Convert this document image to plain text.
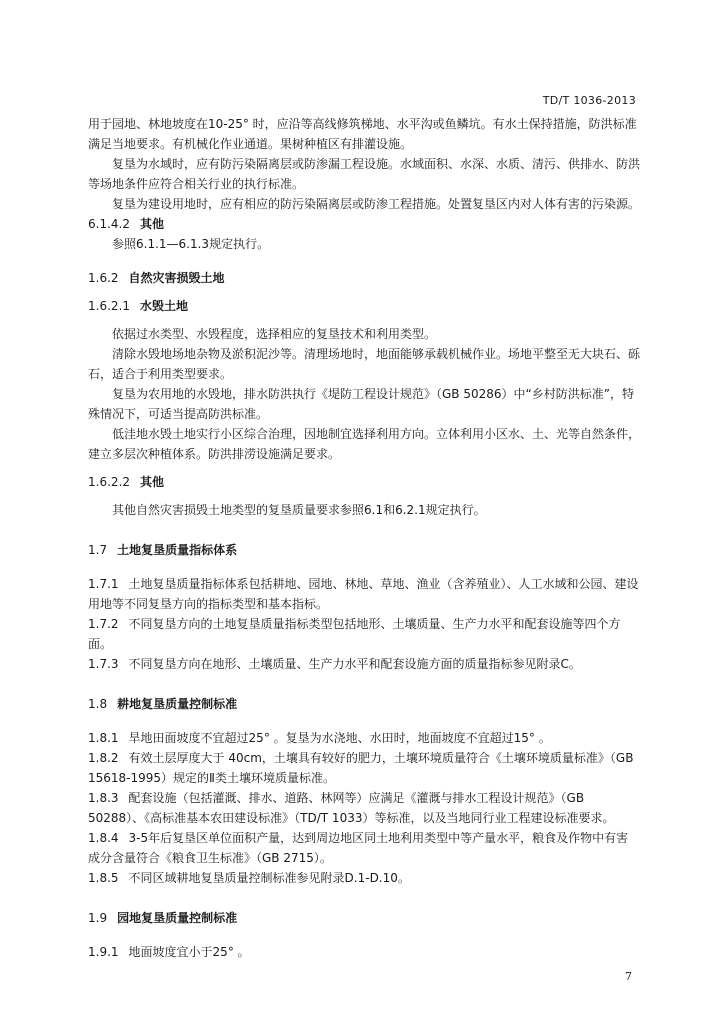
TD/T 1036-2013

用于园地、林地坡度在10-25° 时，应沿等高线修筑梯地、水平沟或鱼鳞坑。有水土保持措施，防洪标准满足当地要求。有机械化作业通道。果树种植区有排灌设施。

复垦为水域时，应有防污染隔离层或防渗漏工程设施。水域面积、水深、水质、清污、供排水、防洪等场地条件应符合相关行业的执行标准。

复垦为建设用地时，应有相应的防污染隔离层或防渗工程措施。处置复垦区内对人体有害的污染源。

6.1.4.2 其他

参照6.1.1—6.1.3规定执行。

1.6.2 自然灾害损毁土地

1.6.2.1 水毁土地

依据过水类型、水毁程度，选择相应的复垦技术和利用类型。

清除水毁地场地杂物及淤积泥沙等。清理场地时，地面能够承载机械作业。场地平整至无大块石、砾石，适合于利用类型要求。

复垦为农用地的水毁地，排水防洪执行《堤防工程设计规范》（GB 50286）中“乡村防洪标准”，特殊情况下，可适当提高防洪标准。

低洼地水毁土地实行小区综合治理，因地制宜选择利用方向。立体利用小区水、土、光等自然条件，建立多层次种植体系。防洪排涝设施满足要求。

1.6.2.2 其他

其他自然灾害损毁土地类型的复垦质量要求参照6.1和6.2.1规定执行。

1.7 土地复垦质量指标体系

1.7.1 土地复垦质量指标体系包括耕地、园地、林地、草地、渔业（含养殖业）、人工水域和公园、建设用地等不同复垦方向的指标类型和基本指标。

1.7.2 不同复垦方向的土地复垦质量指标类型包括地形、土壤质量、生产力水平和配套设施等四个方面。

1.7.3 不同复垦方向在地形、土壤质量、生产力水平和配套设施方面的质量指标参见附录C。

1.8 耕地复垦质量控制标准

1.8.1 旱地田面坡度不宜超过25° 。复垦为水浇地、水田时，地面坡度不宜超过15° 。

1.8.2 有效土层厚度大于 40cm，土壤具有较好的肥力，土壤环境质量符合《土壤环境质量标准》（GB 15618-1995）规定的Ⅱ类土壤环境质量标准。

1.8.3 配套设施（包括灌溉、排水、道路、林网等）应满足《灌溉与排水工程设计规范》（GB 50288）、《高标准基本农田建设标准》（TD/T 1033）等标准，以及当地同行业工程建设标准要求。

1.8.4 3-5年后复垦区单位面积产量，达到周边地区同土地利用类型中等产量水平，粮食及作物中有害成分含量符合《粮食卫生标准》（GB 2715）。

1.8.5 不同区域耕地复垦质量控制标准参见附录D.1-D.10。

1.9 园地复垦质量控制标准

1.9.1 地面坡度宜小于25° 。

7
